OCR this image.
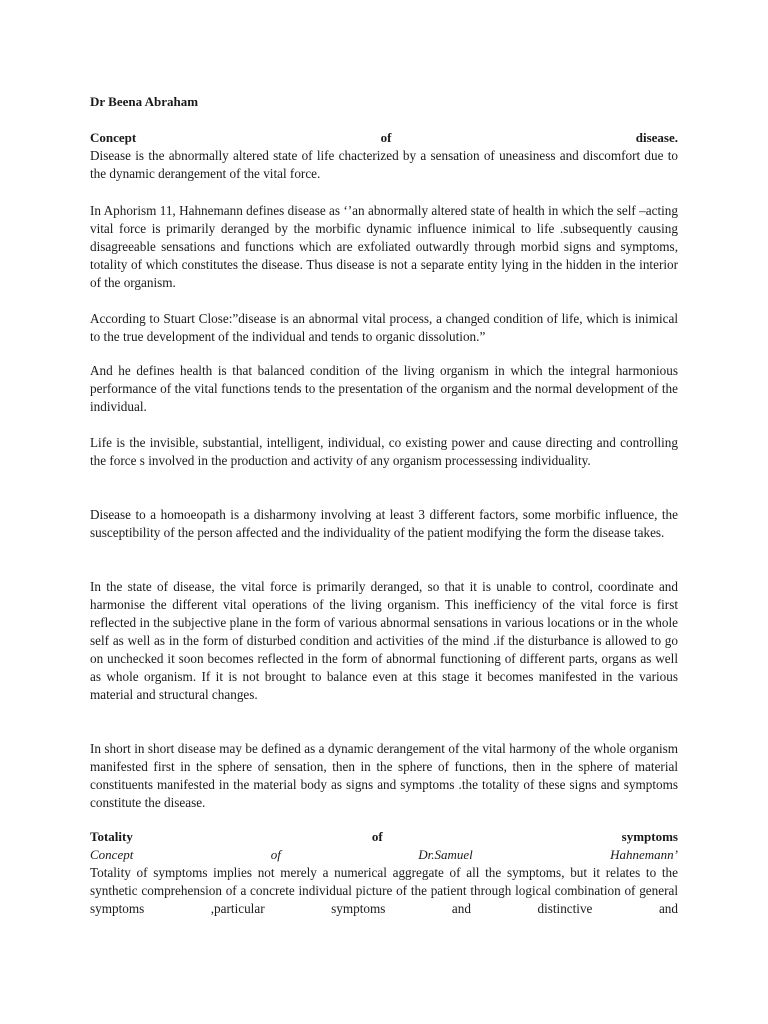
Dr Beena Abraham
Concept	of	disease.

Disease is the abnormally altered state of life chacterized by a sensation of uneasiness and discomfort due to the dynamic derangement of the vital force.

In Aphorism 11, Hahnemann defines disease as ‘’an abnormally altered state of health in which the self –acting vital force is primarily deranged by the morbific dynamic influence inimical to life .subsequently causing disagreeable sensations and functions which are exfoliated outwardly through morbid signs and symptoms, totality of which constitutes the disease. Thus disease is not a separate entity lying in the hidden in the interior of the organism.

According to Stuart Close:”disease is an abnormal vital process, a changed condition of life, which is inimical to the true development of the individual and tends to organic dissolution.”

And he defines health is that balanced condition of the living organism in which the integral harmonious performance of the vital functions tends to the presentation of the organism and the normal development of the individual.

Life is the invisible, substantial, intelligent, individual, co existing power and cause directing and controlling the force s involved in the production and activity of any organism processessing individuality.

Disease to a homoeopath is a disharmony involving at least 3 different factors, some morbific influence, the susceptibility of the person affected and the individuality of the patient modifying the form the disease takes.

In the state of disease, the vital force is primarily deranged, so that it is unable to control, coordinate and harmonise the different vital operations of the living organism. This inefficiency of the vital force is first reflected in the subjective plane in the form of various abnormal sensations in various locations or in the whole self as well as in the form of disturbed condition and activities of the mind .if the disturbance is allowed to go on unchecked it soon becomes reflected in the form of abnormal functioning of different parts, organs as well as whole organism. If it is not brought to balance even at this stage it becomes manifested in the various material and structural changes.

In short in short disease may be defined as a dynamic derangement of the vital harmony of the whole organism manifested first in the sphere of sensation, then in the sphere of functions, then in the sphere of material constituents manifested in the material body as signs and symptoms .the totality of these signs and symptoms constitute the disease.

Totality	of	symptoms
Concept	of	Dr.Samuel	Hahnemann’

Totality of symptoms implies not merely a numerical aggregate of all the symptoms, but it relates to the synthetic comprehension of a concrete individual picture of the patient through logical combination of general symptoms ,particular symptoms and distinctive and
